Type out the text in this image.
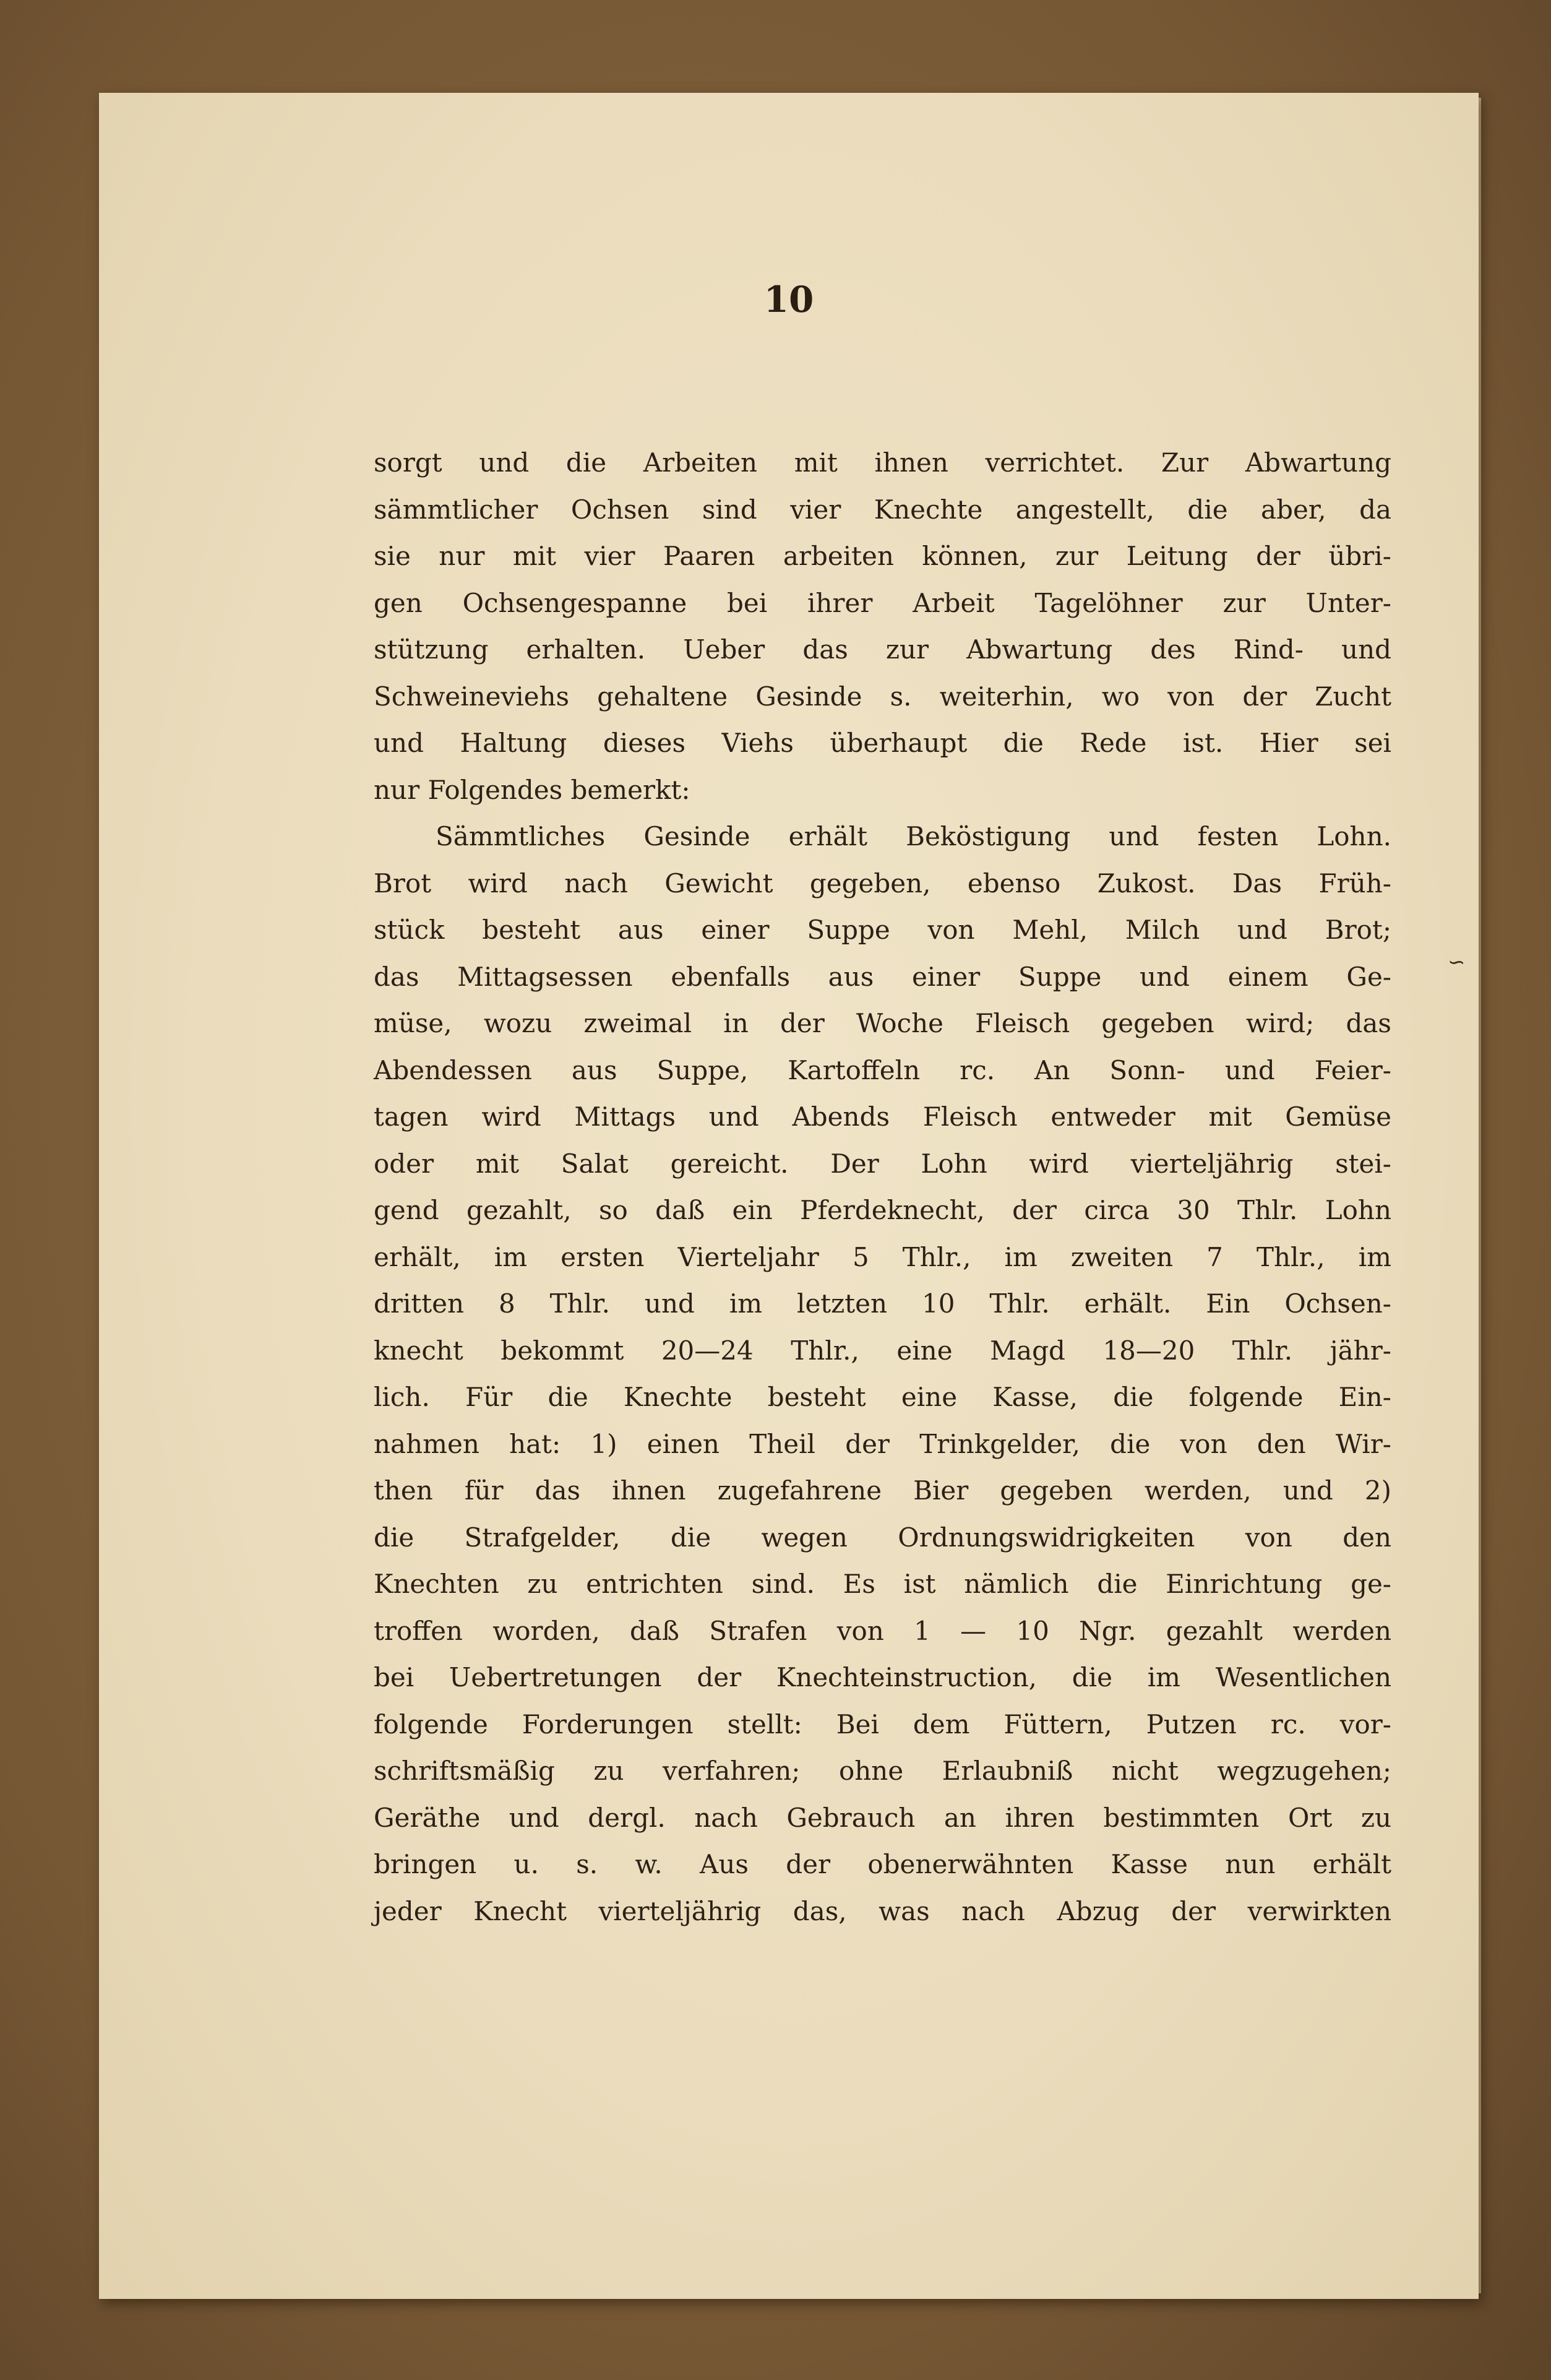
10

sorgt und die Arbeiten mit ihnen verrichtet. Zur Abwartung

sämmtlicher Ochsen sind vier Knechte angestellt, die aber, da

sie nur mit vier Paaren arbeiten können, zur Leitung der übri-

gen Ochsengespanne bei ihrer Arbeit Tagelöhner zur Unter-

stützung erhalten. Ueber das zur Abwartung des Rind- und

Schweineviehs gehaltene Gesinde s. weiterhin, wo von der Zucht

und Haltung dieses Viehs überhaupt die Rede ist. Hier sei

nur Folgendes bemerkt:

Sämmtliches Gesinde erhält Beköstigung und festen Lohn.

Brot wird nach Gewicht gegeben, ebenso Zukost. Das Früh-

stück besteht aus einer Suppe von Mehl, Milch und Brot;

das Mittagsessen ebenfalls aus einer Suppe und einem Ge-

müse, wozu zweimal in der Woche Fleisch gegeben wird; das

Abendessen aus Suppe, Kartoffeln rc. An Sonn- und Feier-

tagen wird Mittags und Abends Fleisch entweder mit Gemüse

oder mit Salat gereicht. Der Lohn wird vierteljährig stei-

gend gezahlt, so daß ein Pferdeknecht, der circa 30 Thlr. Lohn

erhält, im ersten Vierteljahr 5 Thlr., im zweiten 7 Thlr., im

dritten 8 Thlr. und im letzten 10 Thlr. erhält. Ein Ochsen-

knecht bekommt 20—24 Thlr., eine Magd 18—20 Thlr. jähr-

lich. Für die Knechte besteht eine Kasse, die folgende Ein-

nahmen hat: 1) einen Theil der Trinkgelder, die von den Wir-

then für das ihnen zugefahrene Bier gegeben werden, und 2)

die Strafgelder, die wegen Ordnungswidrigkeiten von den

Knechten zu entrichten sind. Es ist nämlich die Einrichtung ge-

troffen worden, daß Strafen von 1 — 10 Ngr. gezahlt werden

bei Uebertretungen der Knechteinstruction, die im Wesentlichen

folgende Forderungen stellt: Bei dem Füttern, Putzen rc. vor-

schriftsmäßig zu verfahren; ohne Erlaubniß nicht wegzugehen;

Geräthe und dergl. nach Gebrauch an ihren bestimmten Ort zu

bringen u. s. w. Aus der obenerwähnten Kasse nun erhält

jeder Knecht vierteljährig das, was nach Abzug der verwirkten

∽
